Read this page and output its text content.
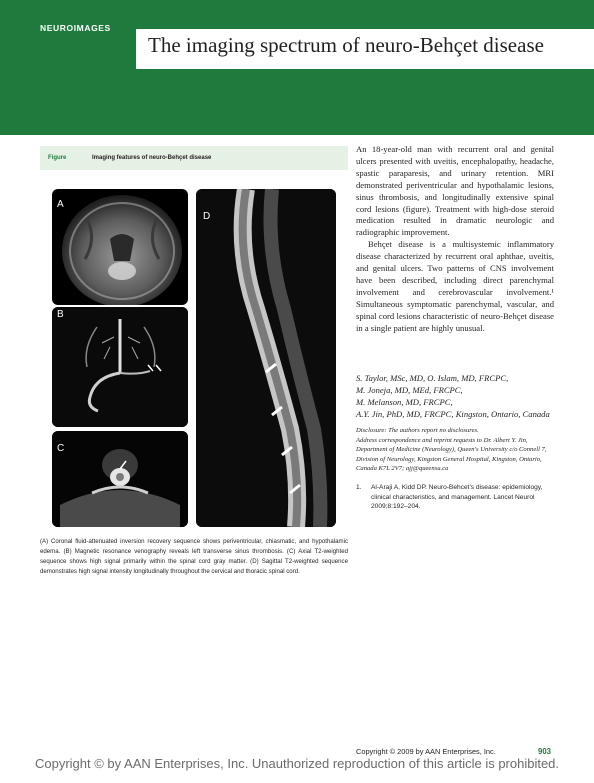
NEUROIMAGES
The imaging spectrum of neuro-Behçet disease
Figure	Imaging features of neuro-Behçet disease
A
B
C
D
(A) Coronal fluid-attenuated inversion recovery sequence shows periventricular, chiasmatic, and hypothalamic edema. (B) Magnetic resonance venography reveals left transverse sinus thrombosis. (C) Axial T2-weighted sequence shows high signal primarily within the spinal cord gray matter. (D) Sagittal T2-weighted sequence demonstrates high signal intensity longitudinally throughout the cervical and thoracic spinal cord.

An 18-year-old man with recurrent oral and genital ulcers presented with uveitis, encephalopathy, headache, spastic paraparesis, and urinary retention. MRI demonstrated periventricular and hypothalamic lesions, sinus thrombosis, and longitudinally extensive spinal cord lesions (figure). Treatment with high-dose steroid medication resulted in dramatic neurologic and radiographic improvement.

Behçet disease is a multisystemic inflammatory disease characterized by recurrent oral aphthae, uveitis, and genital ulcers. Two patterns of CNS involvement have been described, including direct parenchymal involvement and cerebrovascular involvement.¹ Simultaneous symptomatic parenchymal, vascular, and spinal cord lesions characteristic of neuro-Behçet disease in a single patient are highly unusual.

S. Taylor, MSc, MD, O. Islam, MD, FRCPC,
M. Joneja, MD, MEd, FRCPC,
M. Melanson, MD, FRCPC,
A.Y. Jin, PhD, MD, FRCPC, Kingston, Ontario, Canada
Disclosure: The authors report no disclosures.
Address correspondence and reprint requests to Dr. Albert Y. Jin, Department of Medicine (Neurology), Queen's University c/o Connell 7, Division of Neurology, Kingston General Hospital, Kingston, Ontario, Canada K7L 2V7; ajj@queensu.ca
1. Al-Araji A, Kidd DP. Neuro-Behcet's disease: epidemiology, clinical characteristics, and management. Lancet Neurol 2009;8:192–204.
Copyright © 2009 by AAN Enterprises, Inc.	903
Copyright © by AAN Enterprises, Inc. Unauthorized reproduction of this article is prohibited.
